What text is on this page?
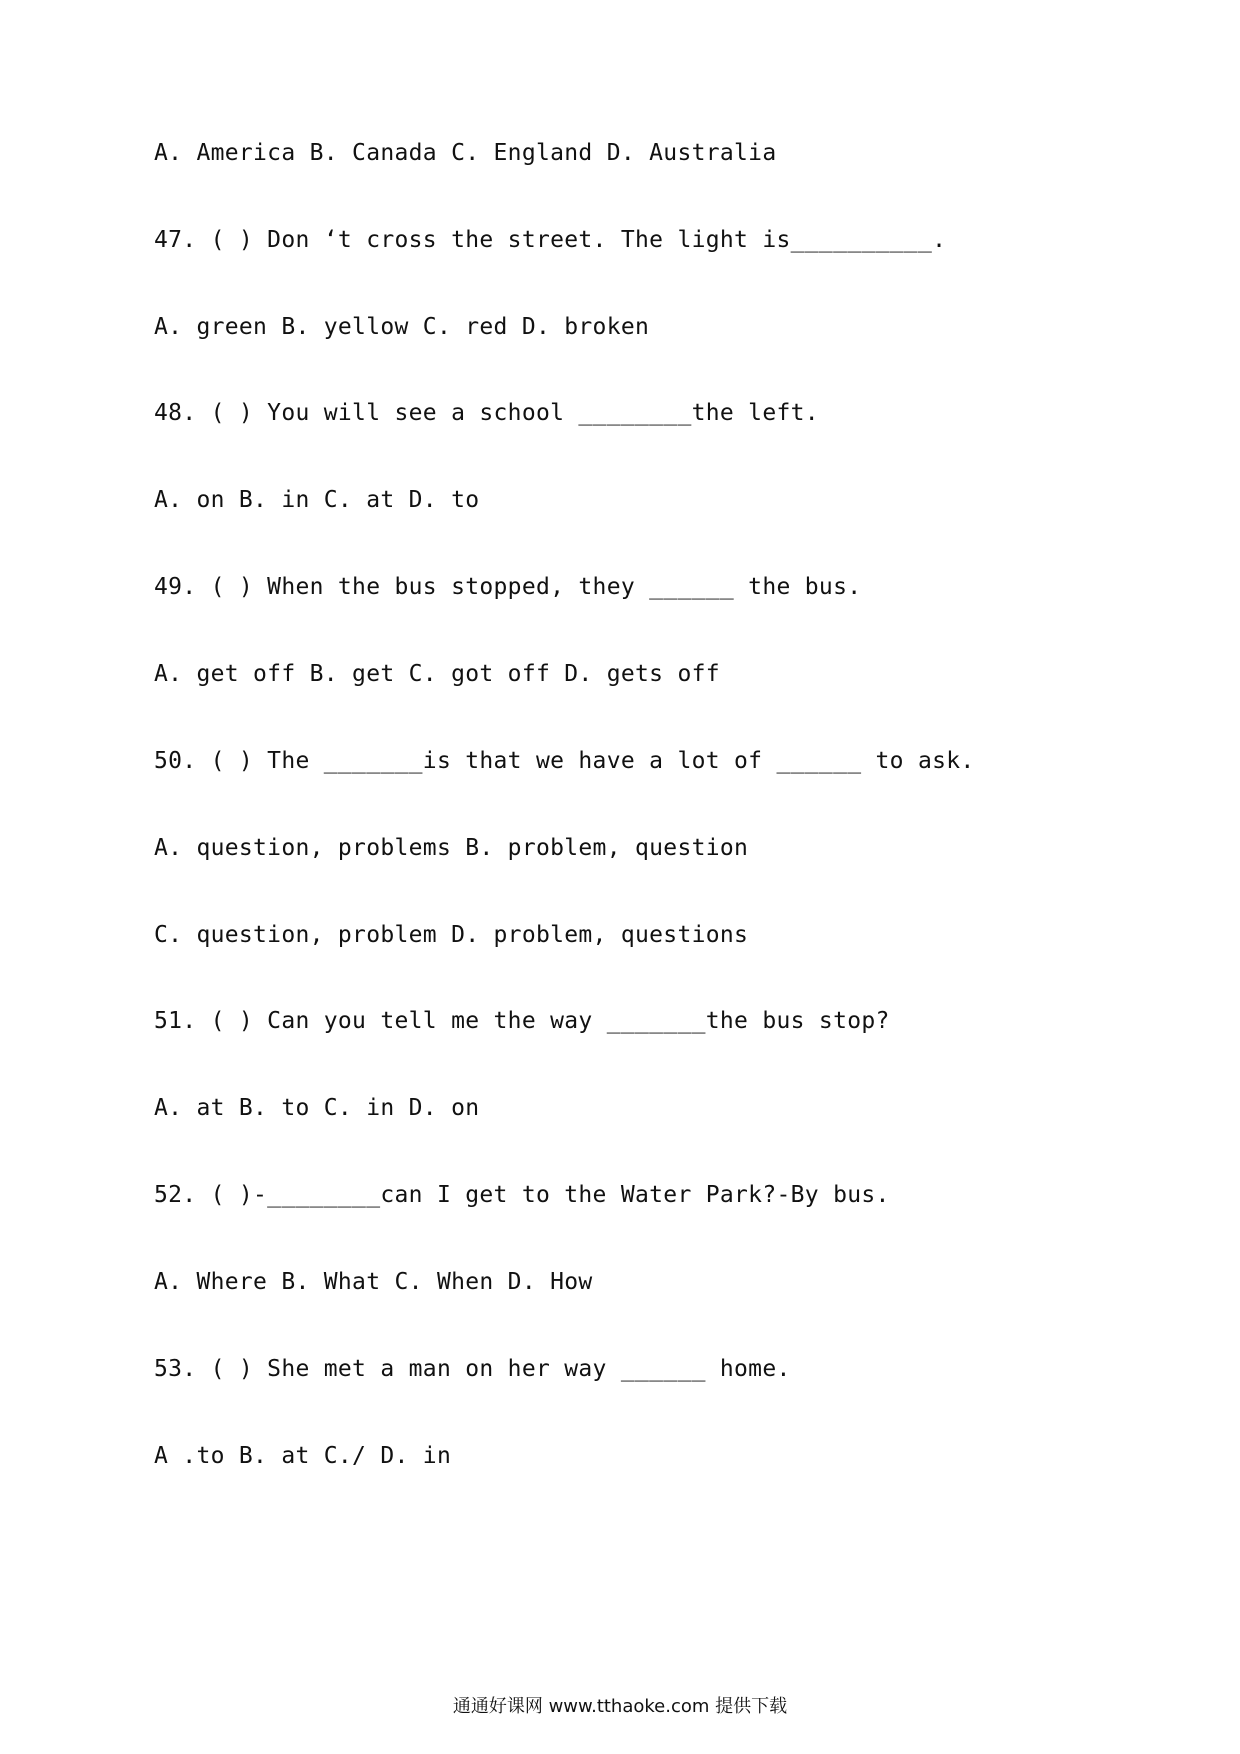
A. America B. Canada C. England D. Australia
47. ( ) Don ‘t cross the street. The light is__________.
A. green B. yellow C. red D. broken
48. ( ) You will see a school ________the left.
A. on B. in C. at D. to
49. ( ) When the bus stopped, they ______ the bus.
A. get off B. get C. got off D. gets off
50. ( ) The _______is that we have a lot of ______ to ask.
A. question, problems B. problem, question
C. question, problem D. problem, questions
51. ( ) Can you tell me the way _______the bus stop?
A. at B. to C. in D. on
52. ( )-________can I get to the Water Park?-By bus.
A. Where B. What C. When D. How
53. ( ) She met a man on her way ______ home.
A .to B. at C./ D. in
通通好课网 www.tthaoke.com 提供下载
